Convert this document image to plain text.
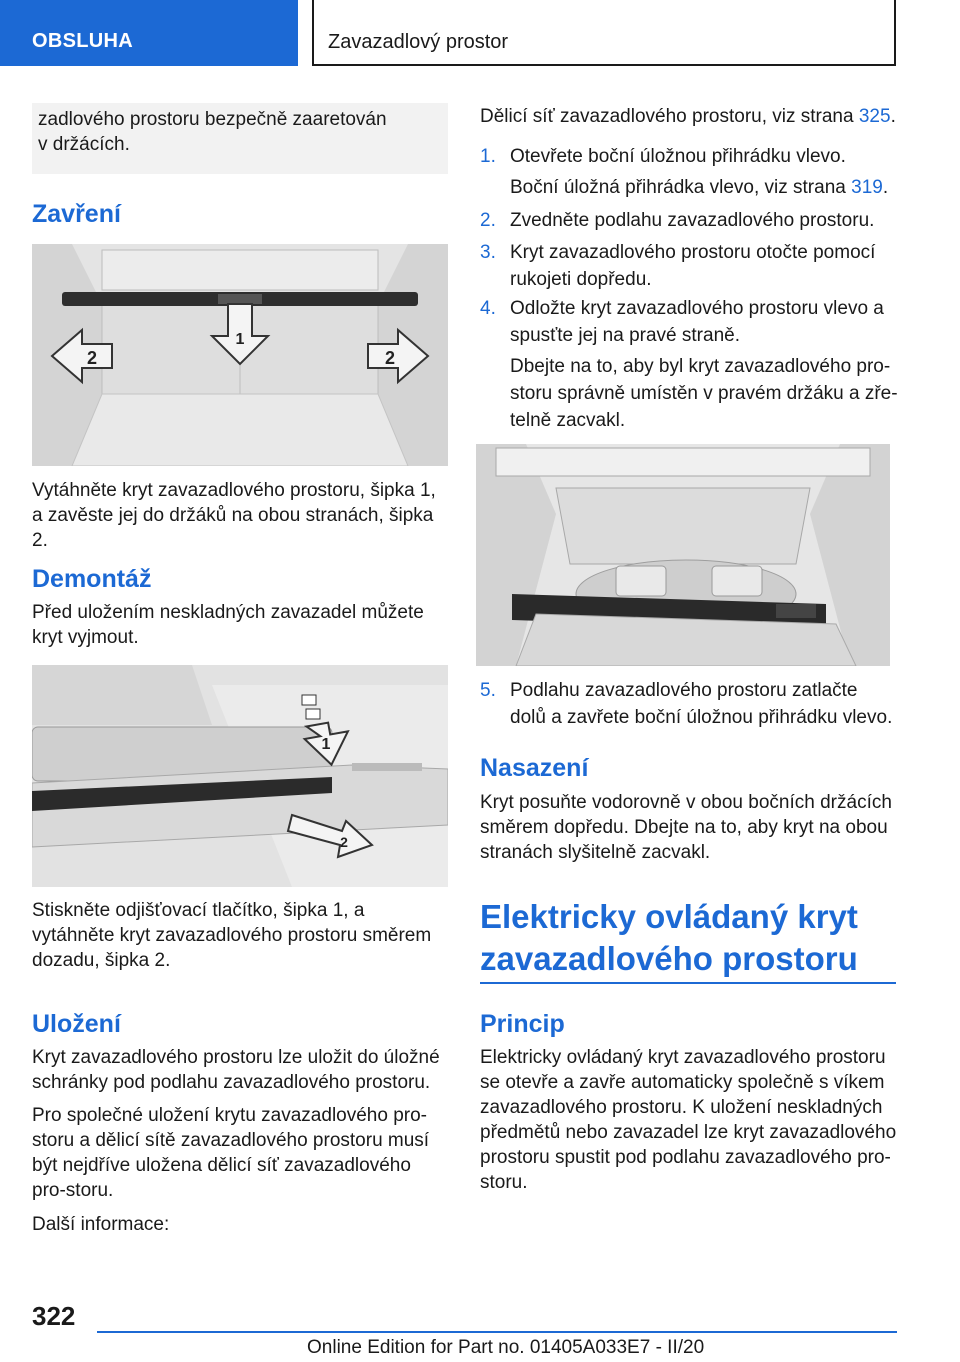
OBSLUHA	Zavazadlový prostor
zadlového prostoru bezpečně zaaretován
v držácích.
Zavření
1
2	2
Vytáhněte kryt zavazadlového prostoru, šipka 1, a zavěste jej do držáků na obou stranách, šipka 2.
Demontáž
Před uložením neskladných zavazadel můžete kryt vyjmout.
1
2
Stiskněte odjišťovací tlačítko, šipka 1, a vytáhněte kryt zavazadlového prostoru směrem dozadu, šipka 2.
Uložení
Kryt zavazadlového prostoru lze uložit do úložné schránky pod podlahu zavazadlového prostoru.
Pro společné uložení krytu zavazadlového pro-storu a dělicí sítě zavazadlového prostoru musí být nejdříve uložena dělicí síť zavazadlového pro-storu.
Další informace:
Dělicí síť zavazadlového prostoru, viz strana 325.
1. Otevřete boční úložnou přihrádku vlevo.
Boční úložná přihrádka vlevo, viz strana 319.
2. Zvedněte podlahu zavazadlového prostoru.
3. Kryt zavazadlového prostoru otočte pomocí rukojeti dopředu.
4. Odložte kryt zavazadlového prostoru vlevo a spusťte jej na pravé straně.
Dbejte na to, aby byl kryt zavazadlového pro-storu správně umístěn v pravém držáku a zře-telně zacvakl.
5. Podlahu zavazadlového prostoru zatlačte dolů a zavřete boční úložnou přihrádku vlevo.
Nasazení
Kryt posuňte vodorovně v obou bočních držácích směrem dopředu. Dbejte na to, aby kryt na obou stranách slyšitelně zacvakl.
Elektricky ovládaný kryt zavazadlového prostoru
Princip
Elektricky ovládaný kryt zavazadlového prostoru se otevře a zavře automaticky společně s víkem zavazadlového prostoru. K uložení neskladných předmětů nebo zavazadel lze kryt zavazadlového prostoru spustit pod podlahu zavazadlového pro-storu.
322
Online Edition for Part no. 01405A033E7 - II/20
